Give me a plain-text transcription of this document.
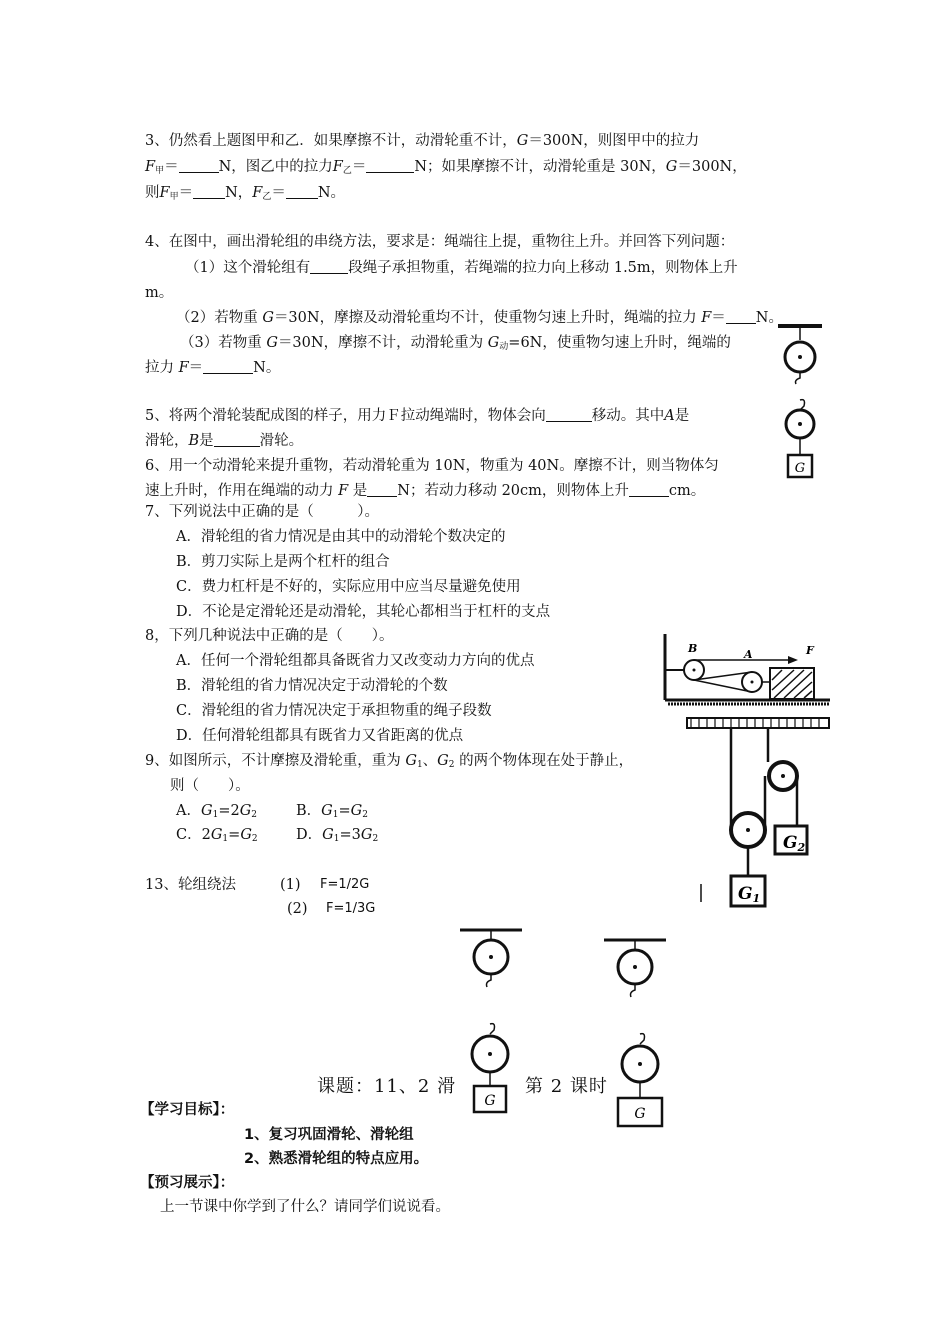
3、仍然看上题图甲和乙．如果摩擦不计，动滑轮重不计，G＝300N，则图甲中的拉力
$F_甲=$	N，图乙中的拉力$F_乙=$	N；如果摩擦不计，动滑轮重是 30N，G＝300N，
则$F_甲= N$，$F_乙= N$。
4、在图中，画出滑轮组的串绕方法，要求是：绳端往上提，重物往上升。并回答下列问题：
（1）这个滑轮组有	段绳子承担物重，若绳端的拉力向上移动 1.5m，则物体上升
m。
（2）若物重 G＝30N，摩擦及动滑轮重均不计，使重物匀速上升时，绳端的拉力 F＝ N。
（3）若物重 G＝30N，摩擦不计，动滑轮重为 $G_动=6N$，使重物匀速上升时，绳端的
拉力 F＝	N。
5、将两个滑轮装配成图的样子，用力Ｆ拉动绳端时，物体会向	移动。其中A是
滑轮，B是	滑轮。
6、用一个动滑轮来提升重物，若动滑轮重为 10N，物重为 40N。摩擦不计，则当物体匀
速上升时，作用在绳端的动力 F 是 N；若动力移动 20cm，则物体上升	cm。
7、下列说法中正确的是（　　　）。
A．滑轮组的省力情况是由其中的动滑轮个数决定的
B．剪刀实际上是两个杠杆的组合
C．费力杠杆是不好的，实际应用中应当尽量避免使用
D．不论是定滑轮还是动滑轮，其轮心都相当于杠杆的支点
8，下列几种说法中正确的是（　　）。
A．任何一个滑轮组都具备既省力又改变动力方向的优点
B．滑轮组的省力情况决定于动滑轮的个数
C．滑轮组的省力情况决定于承担物重的绳子段数
D．任何滑轮组都具有既省力又省距离的优点
9、如图所示，不计摩擦及滑轮重，重为 $G_1$、$G_2$ 的两个物体现在处于静止，
则（　　）。
A．$G_1=2G_2$	B．$G_1=G_2$
C．$2G_1=G_2$	D．$G_1=3G_2$
13、轮组绕法	(1) F=1/2G
(2) F=1/3G
课题：11、2 滑	第 2 课时
【学习目标】：
1、复习巩固滑轮、滑轮组
2、熟悉滑轮组的特点应用。
【预习展示】：
上一节课中你学到了什么？请同学们说说看。
G
B	A	F
G2
G1
G
G
